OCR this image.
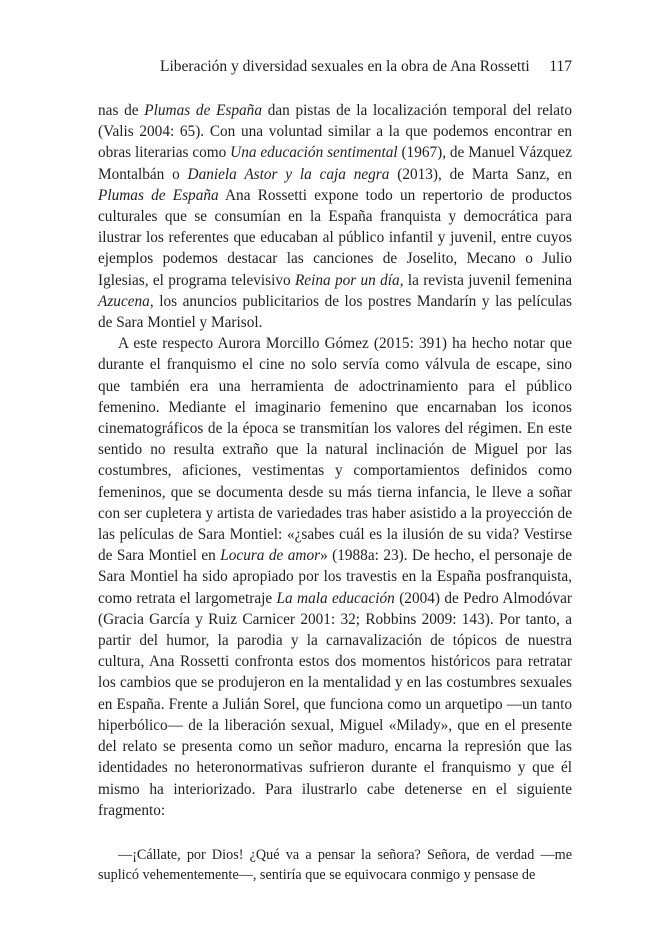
Liberación y diversidad sexuales en la obra de Ana Rossetti 117

nas de Plumas de España dan pistas de la localización temporal del relato (Valis 2004: 65). Con una voluntad similar a la que podemos encontrar en obras literarias como Una educación sentimental (1967), de Manuel Vázquez Montalbán o Daniela Astor y la caja negra (2013), de Marta Sanz, en Plumas de España Ana Rossetti expone todo un repertorio de productos culturales que se consumían en la España franquista y democrática para ilustrar los referentes que educaban al público infantil y juvenil, entre cuyos ejemplos podemos destacar las canciones de Joselito, Mecano o Julio Iglesias, el programa televisivo Reina por un día, la revista juvenil femenina Azucena, los anuncios publicitarios de los postres Mandarín y las películas de Sara Montiel y Marisol.

A este respecto Aurora Morcillo Gómez (2015: 391) ha hecho notar que durante el franquismo el cine no solo servía como válvula de escape, sino que también era una herramienta de adoctrinamiento para el público femenino. Mediante el imaginario femenino que encarnaban los iconos cinematográficos de la época se transmitían los valores del régimen. En este sentido no resulta extraño que la natural inclinación de Miguel por las costumbres, aficiones, vestimentas y comportamientos definidos como femeninos, que se documenta desde su más tierna infancia, le lleve a soñar con ser cupletera y artista de variedades tras haber asistido a la proyección de las películas de Sara Montiel: «¿sabes cuál es la ilusión de su vida? Vestirse de Sara Montiel en Locura de amor» (1988a: 23). De hecho, el personaje de Sara Montiel ha sido apropiado por los travestis en la España posfranquista, como retrata el largometraje La mala educación (2004) de Pedro Almodóvar (Gracia García y Ruiz Carnicer 2001: 32; Robbins 2009: 143). Por tanto, a partir del humor, la parodia y la carnavalización de tópicos de nuestra cultura, Ana Rossetti confronta estos dos momentos históricos para retratar los cambios que se produjeron en la mentalidad y en las costumbres sexuales en España. Frente a Julián Sorel, que funciona como un arquetipo —un tanto hiperbólico— de la liberación sexual, Miguel «Milady», que en el presente del relato se presenta como un señor maduro, encarna la represión que las identidades no heteronormativas sufrieron durante el franquismo y que él mismo ha interiorizado. Para ilustrarlo cabe detenerse en el siguiente fragmento:

—¡Cállate, por Dios! ¿Qué va a pensar la señora? Señora, de verdad —me suplicó vehementemente—, sentiría que se equivocara conmigo y pensase de
